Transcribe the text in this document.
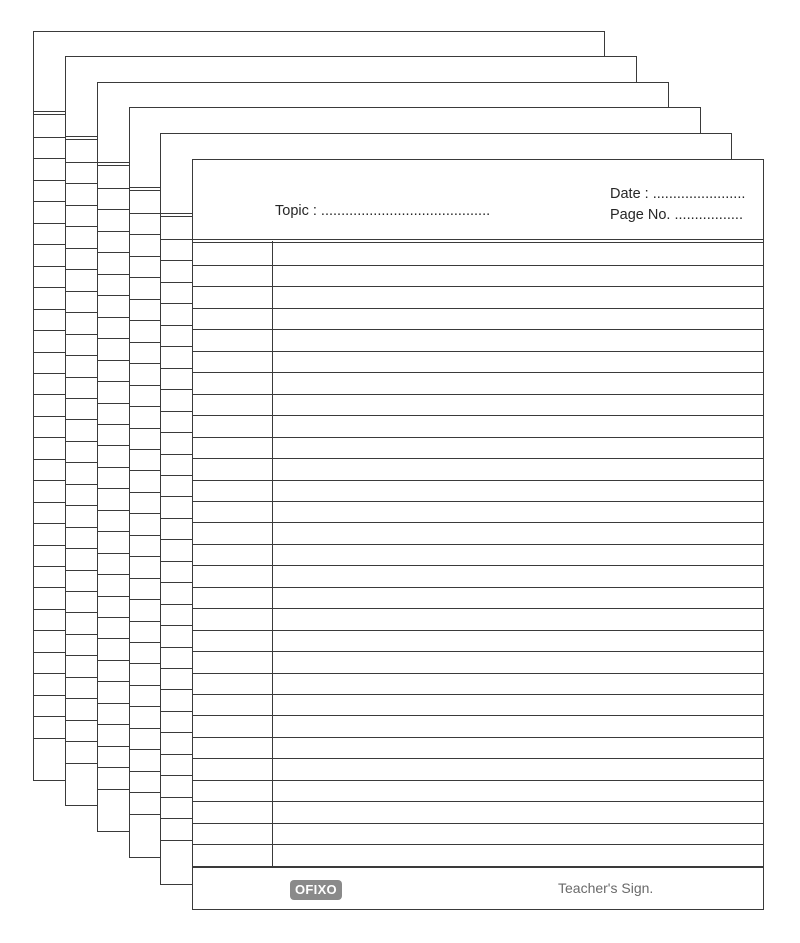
Topic : ..........................................
Date : .......................
Page No. .................
OFIXO	Teacher's Sign.
